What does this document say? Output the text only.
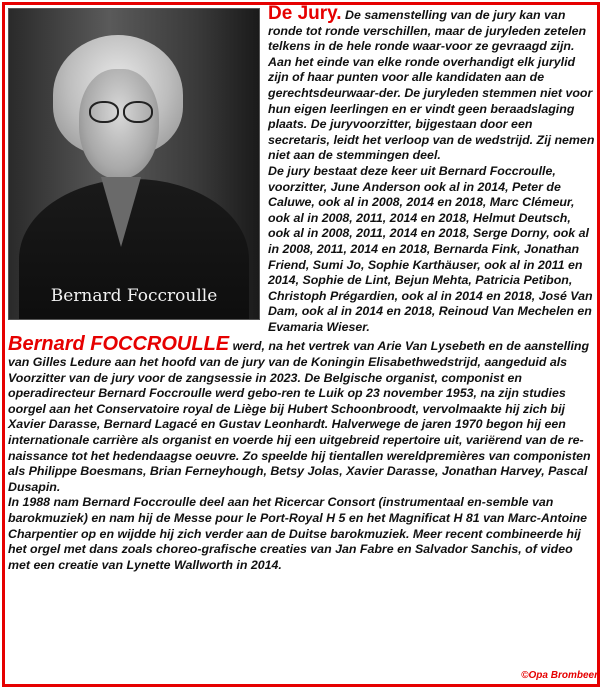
Bernard Foccroulle

De Jury. De samenstelling van de jury kan van ronde tot ronde verschillen, maar de juryleden zetelen telkens in de hele ronde waar-voor ze gevraagd zijn. Aan het einde van elke ronde overhandigt elk jurylid zijn of haar punten voor alle kandidaten aan de gerechtsdeurwaar-der. De juryleden stemmen niet voor hun eigen leerlingen en er vindt geen beraadslaging plaats. De juryvoorzitter, bijgestaan door een secretaris, leidt het verloop van de wedstrijd. Zij nemen niet aan de stemmingen deel.

De jury bestaat deze keer uit Bernard Foccroulle, voorzitter, June Anderson ook al in 2014, Peter de Caluwe, ook al in 2008, 2014 en 2018, Marc Clémeur, ook al in 2008, 2011, 2014 en 2018, Helmut Deutsch, ook al in 2008, 2011, 2014 en 2018, Serge Dorny, ook al in 2008, 2011, 2014 en 2018, Bernarda Fink, Jonathan Friend, Sumi Jo, Sophie Karthäuser, ook al in 2011 en 2014, Sophie de Lint, Bejun Mehta, Patricia Petibon, Christoph Prégardien, ook al in 2014 en 2018, José Van Dam, ook al in 2014 en 2018, Reinoud Van Mechelen en Evamaria Wieser.

Bernard FOCCROULLE werd, na het vertrek van Arie Van Lysebeth en de aanstelling van Gilles Ledure aan het hoofd van de jury van de Koningin Elisabethwedstrijd, aangeduid als Voorzitter van de jury voor de zangsessie in 2023. De Belgische organist, componist en operadirecteur Bernard Foccroulle werd gebo-ren te Luik op 23 november 1953, na zijn studies oorgel aan het Conservatoire royal de Liège bij Hubert Schoonbroodt, vervolmaakte hij zich bij Xavier Darasse, Bernard Lagacé en Gustav Leonhardt. Halverwege de jaren 1970 begon hij een internationale carrière als organist en voerde hij een uitgebreid repertoire uit, variërend van de re-naissance tot het hedendaagse oeuvre. Zo speelde hij tientallen wereldpremières van componisten als Philippe Boesmans, Brian Ferneyhough, Betsy Jolas, Xavier Darasse, Jonathan Harvey, Pascal Dusapin.

In 1988 nam Bernard Foccroulle deel aan het Ricercar Consort (instrumentaal en-semble van barokmuziek) en nam hij de Messe pour le Port-Royal H 5 en het Magnificat H 81 van Marc-Antoine Charpentier op en wijdde hij zich verder aan de Duitse barokmuziek. Meer recent combineerde hij het orgel met dans zoals choreo-grafische creaties van Jan Fabre en Salvador Sanchis, of video met een creatie van Lynette Wallworth in 2014.

©Opa Brombeer
